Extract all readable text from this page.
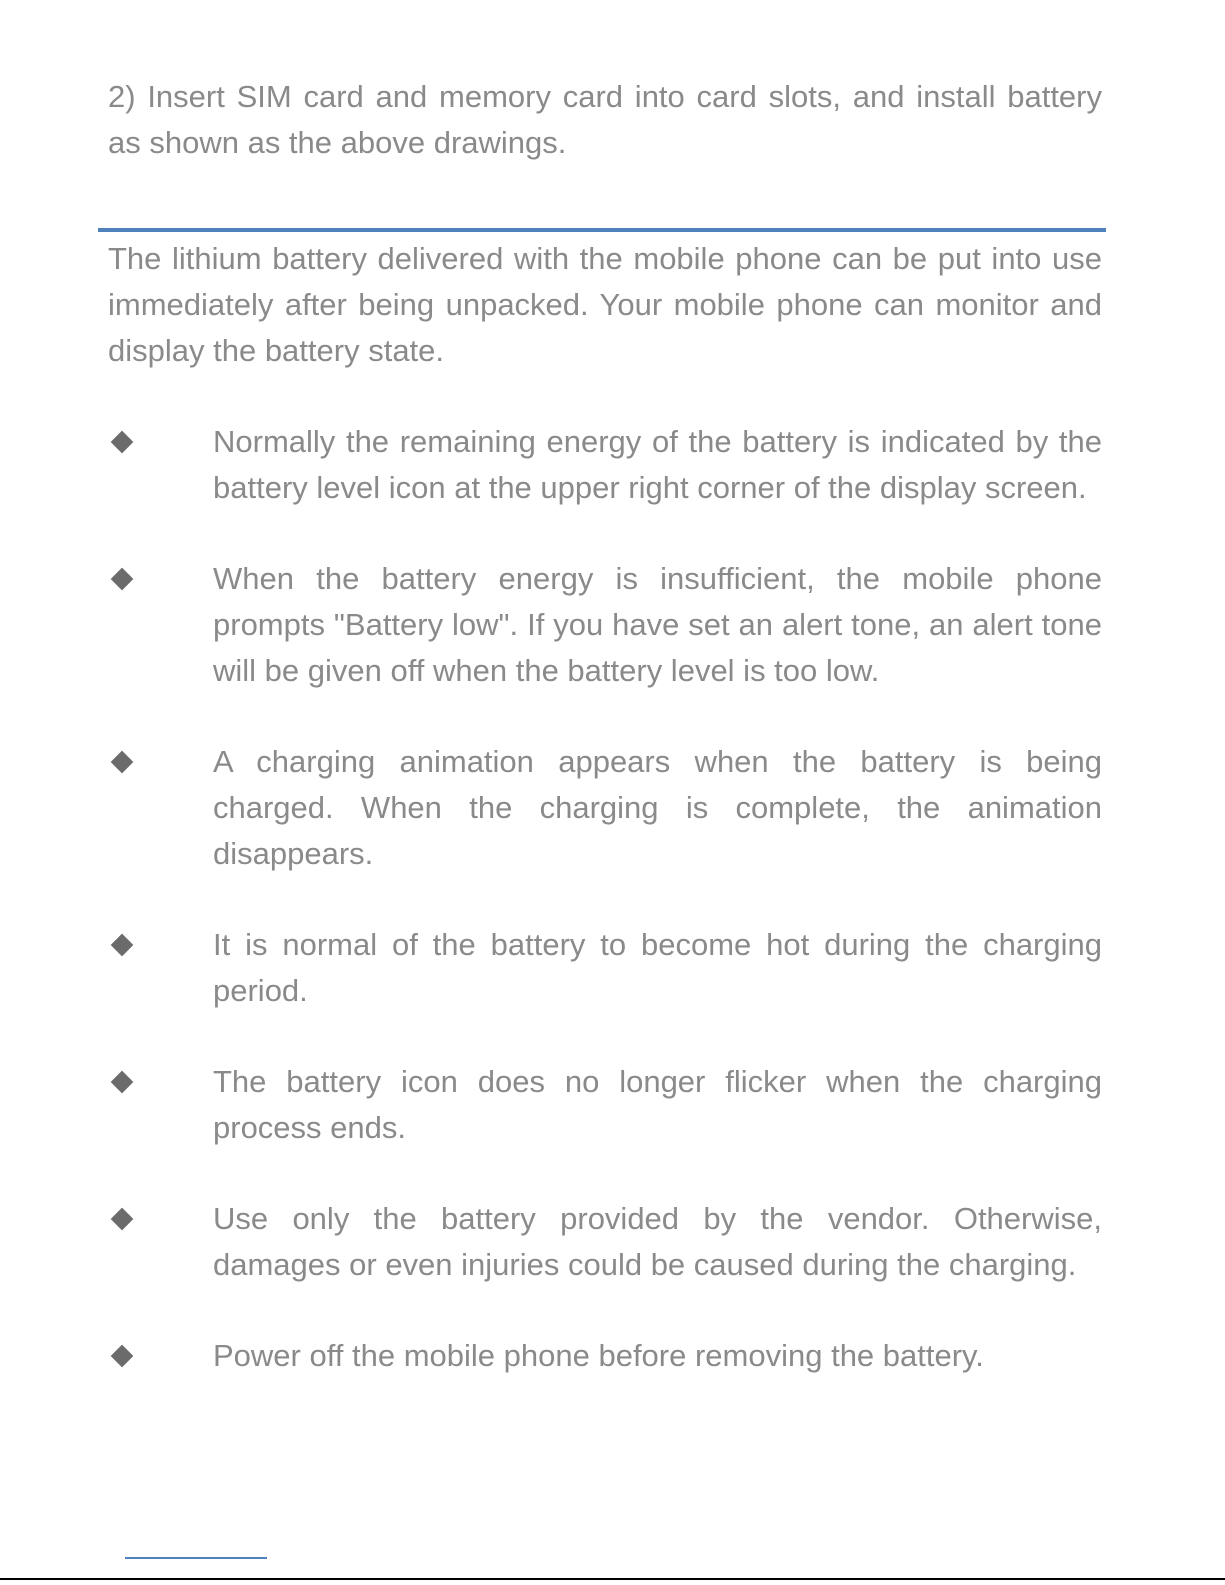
2) Insert SIM card and memory card into card slots, and install battery as shown as the above drawings.

The lithium battery delivered with the mobile phone can be put into use immediately after being unpacked. Your mobile phone can monitor and display the battery state.

Normally the remaining energy of the battery is indicated by the battery level icon at the upper right corner of the display screen.
When the battery energy is insufficient, the mobile phone prompts "Battery low". If you have set an alert tone, an alert tone will be given off when the battery level is too low.
A charging animation appears when the battery is being charged. When the charging is complete, the animation disappears.
It is normal of the battery to become hot during the charging period.
The battery icon does no longer flicker when the charging process ends.
Use only the battery provided by the vendor. Otherwise, damages or even injuries could be caused during the charging.
Power off the mobile phone before removing the battery.
